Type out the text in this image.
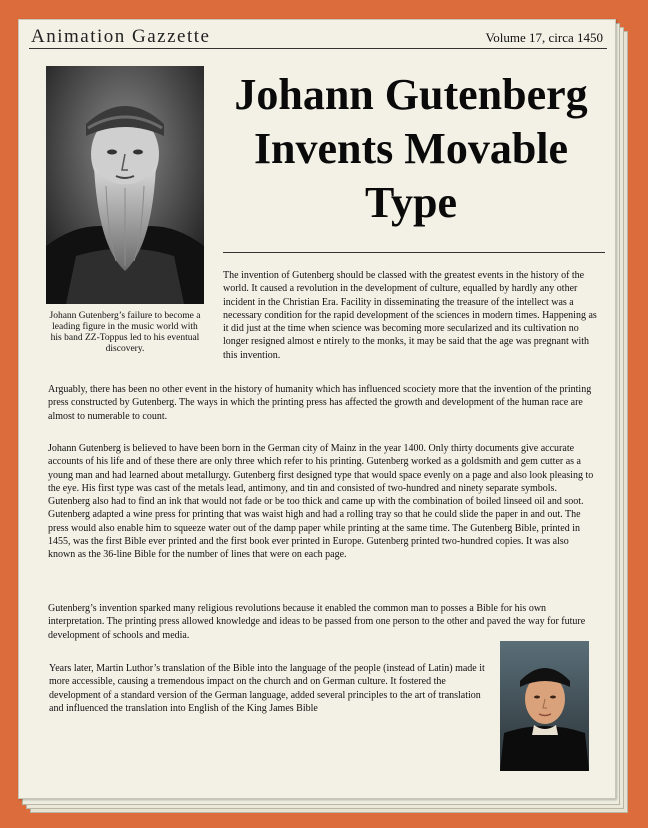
Animation Gazzette	Volume 17, circa 1450
Johann Gutenberg’s failure to become a leading figure in the music world with his band ZZ-Toppus led to his eventual discovery.
Johann Gutenberg
Invents Movable
Type
The invention of Gutenberg should be classed with the greatest events in the history of the world. It caused a revolution in the development of culture, equalled by hardly any other incident in the Christian Era. Facility in disseminating the treasure of the intellect was a necessary condition for the rapid development of the sciences in modern times. Happening as it did just at the time when science was becoming more secularized and its cultivation no longer resigned almost e ntirely to the monks, it may be said that the age was pregnant with this invention.
Arguably, there has been no other event in the history of humanity which has influenced scociety more that the invention of the printing press constructed by Gutenberg. The ways in which the printing press has affected the growth and development of the human race are almost to numerable to count.
Johann Gutenberg is believed to have been born in the German city of Mainz in the year 1400. Only thirty documents give accurate accounts of his life and of these there are only three which refer to his printing. Gutenberg worked as a goldsmith and gem cutter as a young man and had learned about metallurgy. Gutenberg first designed type that would space evenly on a page and also look pleasing to the eye. His first type was cast of the metals lead, antimony, and tin and consisted of two-hundred and ninety separate symbols. Gutenberg also had to find an ink that would not fade or be too thick and came up with the combination of boiled linseed oil and soot. Gutenberg adapted a wine press for printing that was waist high and had a rolling tray so that he could slide the paper in and out. The press would also enable him to squeeze water out of the damp paper while printing at the same time. The Gutenberg Bible, printed in 1455, was the first Bible ever printed and the first book ever printed in Europe. Gutenberg printed two-hundred copies. It was also known as the 36-line Bible for the number of lines that were on each page.
Gutenberg’s invention sparked many religious revolutions because it enabled the common man to posses a Bible for his own interpretation. The printing press allowed knowledge and ideas to be passed from one person to the other and paved the way for future development of schools and media.
Years later, Martin Luthor’s translation of the Bible into the language of the people (instead of Latin) made it more accessible, causing a tremendous impact on the church and on German culture. It fostered the development of a standard version of the German language, added several principles to the art of translation and influenced the translation into English of the King James Bible
